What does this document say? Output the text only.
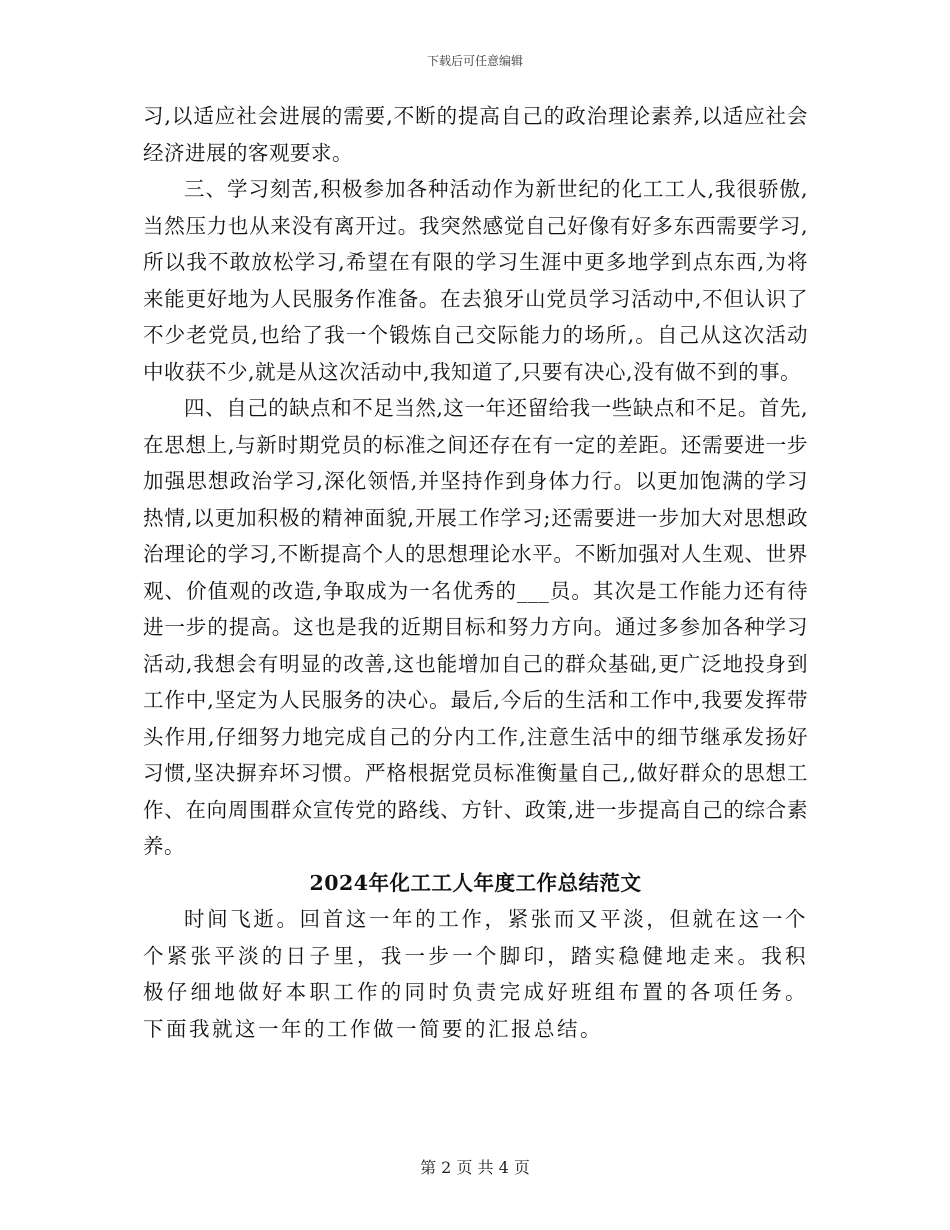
下载后可任意编辑

习,以适应社会进展的需要,不断的提高自己的政治理论素养,以适应社会经济进展的客观要求。

三、学习刻苦,积极参加各种活动作为新世纪的化工工人,我很骄傲,当然压力也从来没有离开过。我突然感觉自己好像有好多东西需要学习,所以我不敢放松学习,希望在有限的学习生涯中更多地学到点东西,为将来能更好地为人民服务作准备。在去狼牙山党员学习活动中,不但认识了不少老党员,也给了我一个锻炼自己交际能力的场所,。自己从这次活动中收获不少,就是从这次活动中,我知道了,只要有决心,没有做不到的事。

四、自己的缺点和不足当然,这一年还留给我一些缺点和不足。首先,在思想上,与新时期党员的标准之间还存在有一定的差距。还需要进一步加强思想政治学习,深化领悟,并坚持作到身体力行。以更加饱满的学习热情,以更加积极的精神面貌,开展工作学习;还需要进一步加大对思想政治理论的学习,不断提高个人的思想理论水平。不断加强对人生观、世界观、价值观的改造,争取成为一名优秀的___员。其次是工作能力还有待进一步的提高。这也是我的近期目标和努力方向。通过多参加各种学习活动,我想会有明显的改善,这也能增加自己的群众基础,更广泛地投身到工作中,坚定为人民服务的决心。最后,今后的生活和工作中,我要发挥带头作用,仔细努力地完成自己的分内工作,注意生活中的细节继承发扬好习惯,坚决摒弃坏习惯。严格根据党员标准衡量自己,,做好群众的思想工作、在向周围群众宣传党的路线、方针、政策,进一步提高自己的综合素养。

2024年化工工人年度工作总结范文

时间飞逝。回首这一年的工作，紧张而又平淡，但就在这一个个紧张平淡的日子里，我一步一个脚印，踏实稳健地走来。我积极仔细地做好本职工作的同时负责完成好班组布置的各项任务。下面我就这一年的工作做一简要的汇报总结。

第 2 页 共 4 页
